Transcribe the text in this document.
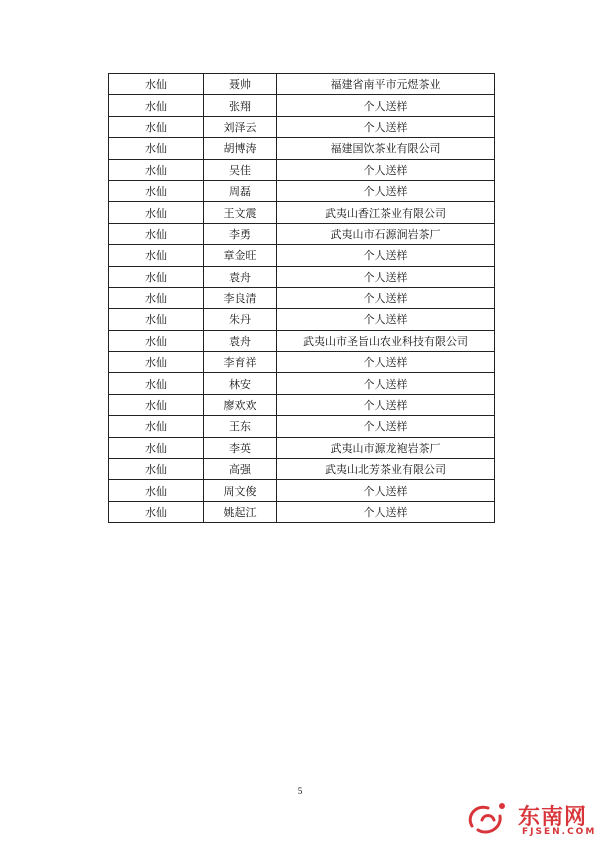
水仙	聂帅	福建省南平市元煜茶业
水仙	张翔	个人送样
水仙	刘泽云	个人送样
水仙	胡博涛	福建国饮茶业有限公司
水仙	吴佳	个人送样
水仙	周磊	个人送样
水仙	王文震	武夷山香江茶业有限公司
水仙	李勇	武夷山市石源涧岩茶厂
水仙	章金旺	个人送样
水仙	袁舟	个人送样
水仙	李良清	个人送样
水仙	朱丹	个人送样
水仙	袁舟	武夷山市圣旨山农业科技有限公司
水仙	李育祥	个人送样
水仙	林安	个人送样
水仙	廖欢欢	个人送样
水仙	王东	个人送样
水仙	李英	武夷山市源龙袍岩茶厂
水仙	高强	武夷山北芳茶业有限公司
水仙	周文俊	个人送样
水仙	姚起江	个人送样
5
东南网
FJSEN.COM
